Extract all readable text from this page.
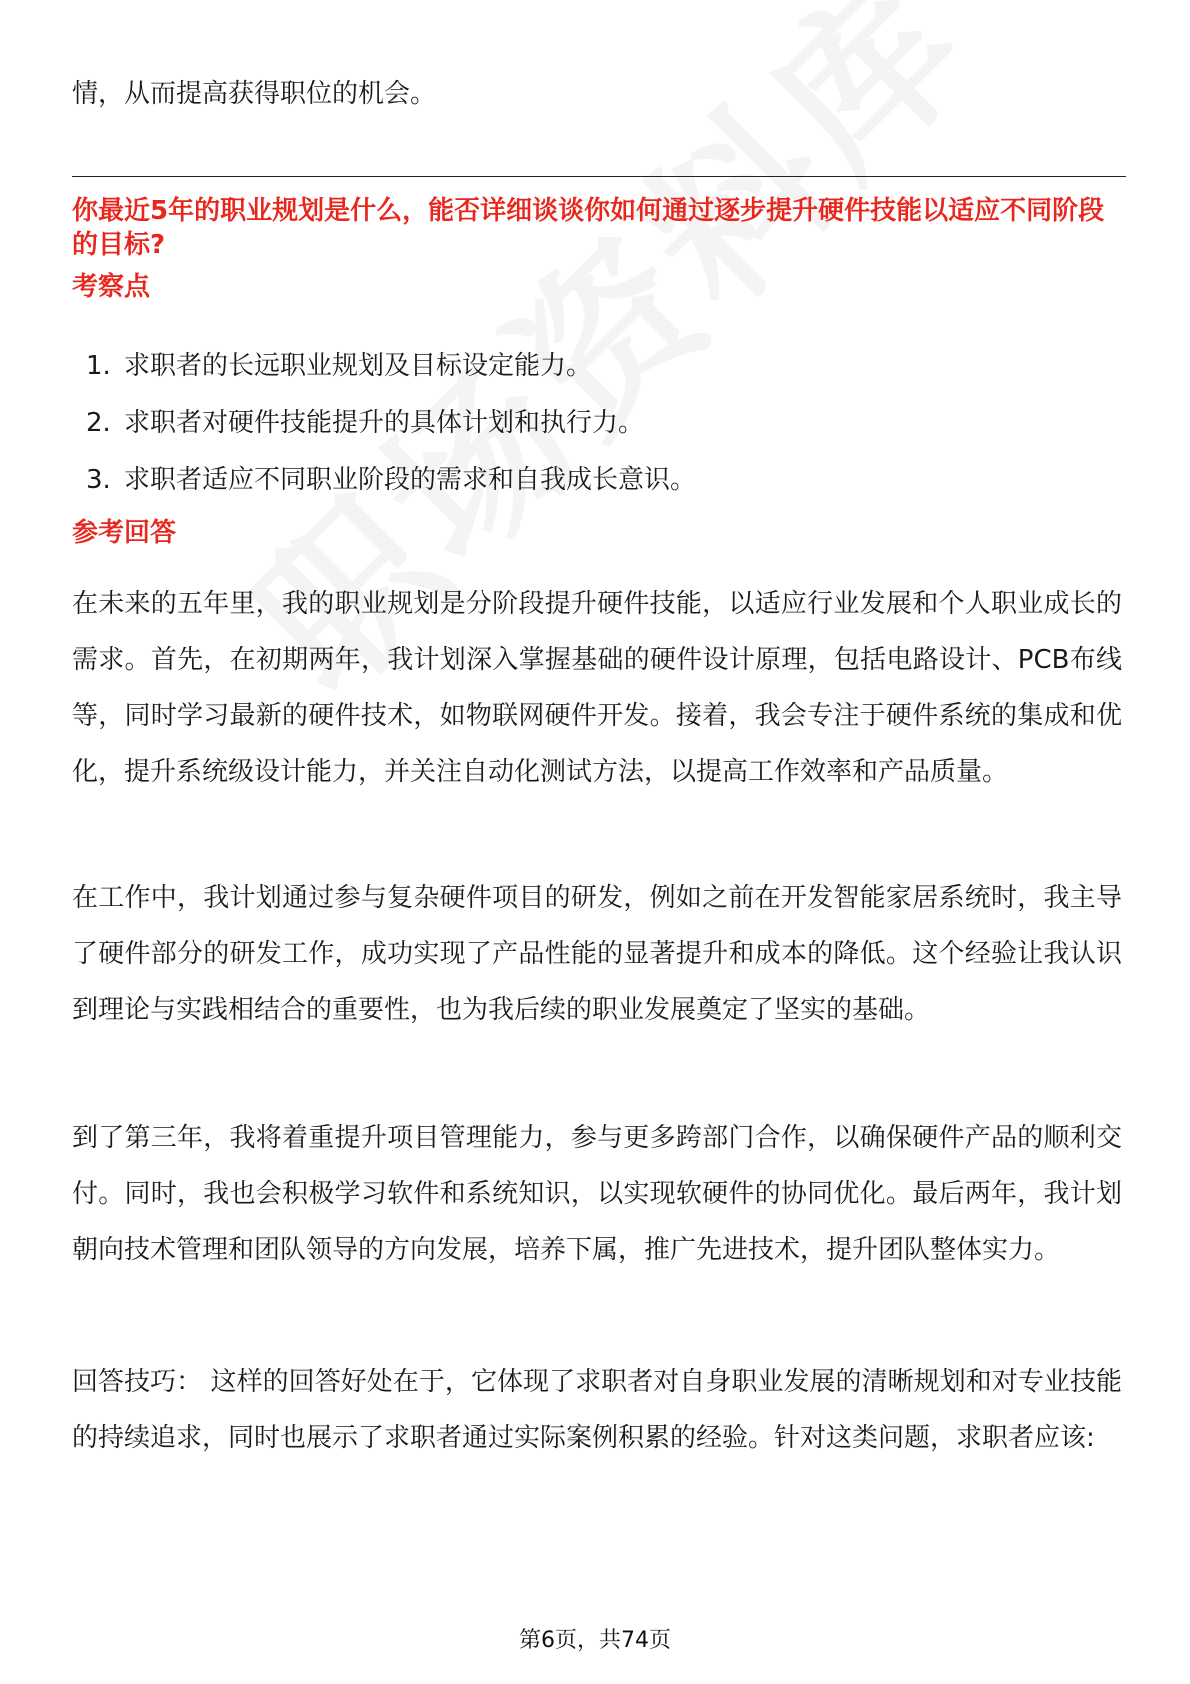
情，从而提高获得职位的机会。

你最近5年的职业规划是什么，能否详细谈谈你如何通过逐步提升硬件技能以适应不同阶段的目标?

考察点

1. 求职者的长远职业规划及目标设定能力。
2. 求职者对硬件技能提升的具体计划和执行力。
3. 求职者适应不同职业阶段的需求和自我成长意识。

参考回答

在未来的五年里，我的职业规划是分阶段提升硬件技能，以适应行业发展和个人职业成长的需求。首先，在初期两年，我计划深入掌握基础的硬件设计原理，包括电路设计、PCB布线等，同时学习最新的硬件技术，如物联网硬件开发。接着，我会专注于硬件系统的集成和优化，提升系统级设计能力，并关注自动化测试方法，以提高工作效率和产品质量。

在工作中，我计划通过参与复杂硬件项目的研发，例如之前在开发智能家居系统时，我主导了硬件部分的研发工作，成功实现了产品性能的显著提升和成本的降低。这个经验让我认识到理论与实践相结合的重要性，也为我后续的职业发展奠定了坚实的基础。

到了第三年，我将着重提升项目管理能力，参与更多跨部门合作，以确保硬件产品的顺利交付。同时，我也会积极学习软件和系统知识，以实现软硬件的协同优化。最后两年，我计划朝向技术管理和团队领导的方向发展，培养下属，推广先进技术，提升团队整体实力。

回答技巧： 这样的回答好处在于，它体现了求职者对自身职业发展的清晰规划和对专业技能的持续追求，同时也展示了求职者通过实际案例积累的经验。针对这类问题，求职者应该:

第6页，共74页
